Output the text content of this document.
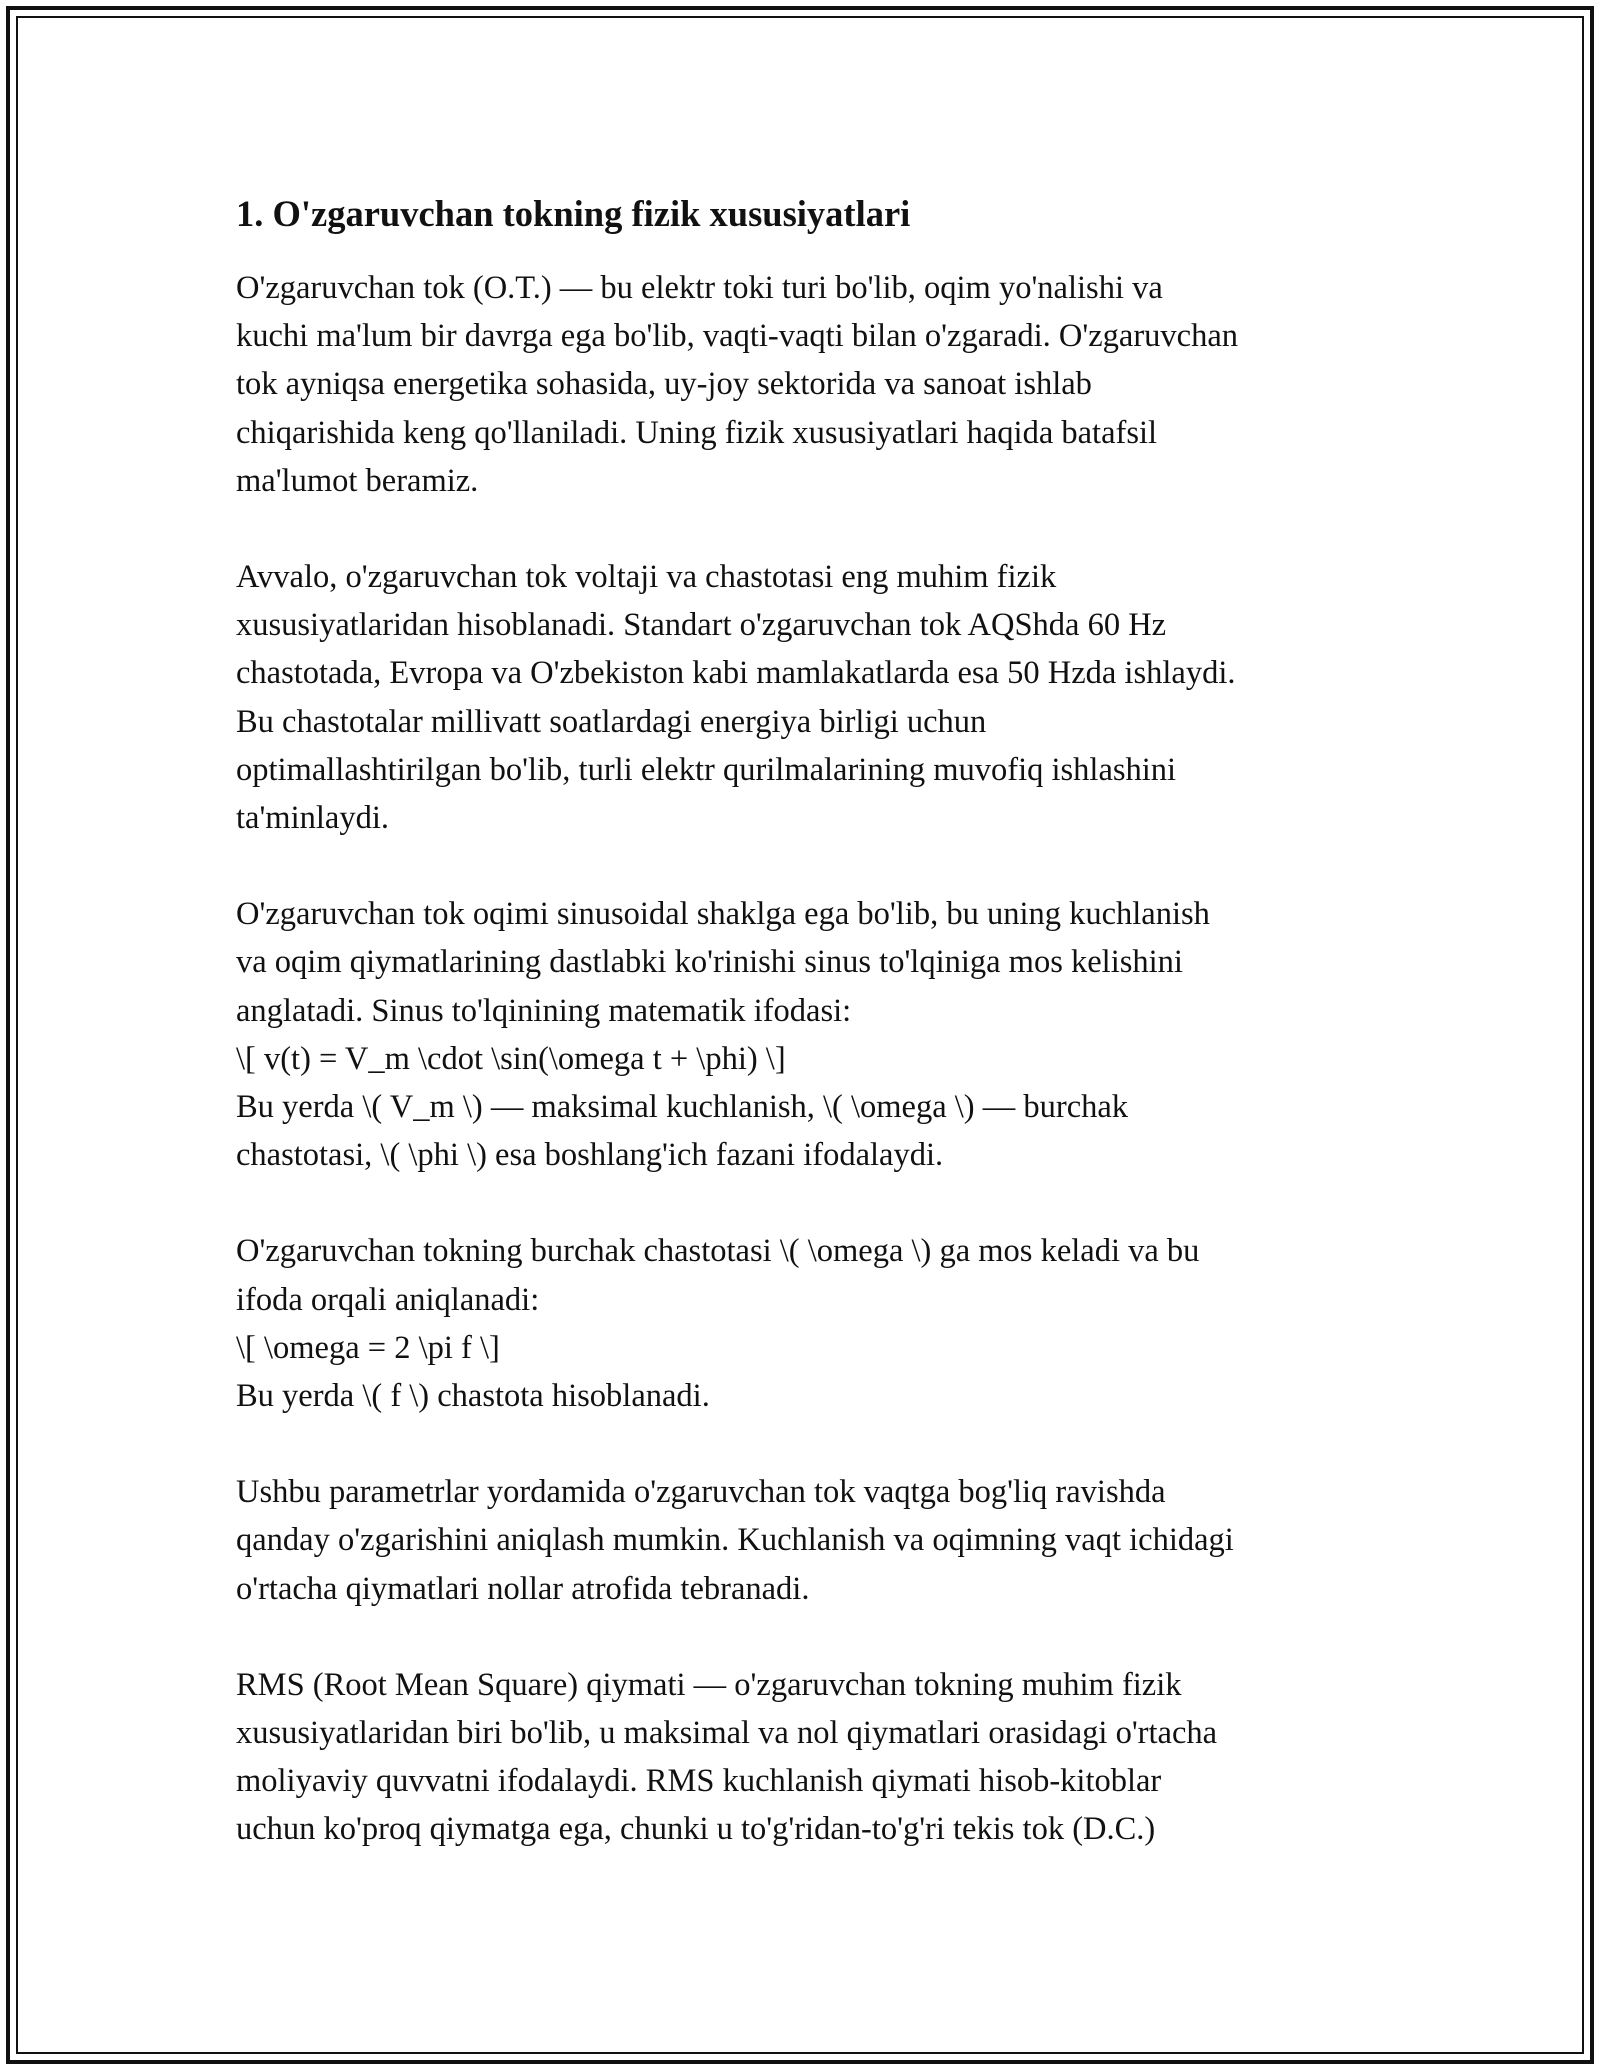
1. O'zgaruvchan tokning fizik xususiyatlari

O'zgaruvchan tok (O.T.) — bu elektr toki turi bo'lib, oqim yo'nalishi va
kuchi ma'lum bir davrga ega bo'lib, vaqti-vaqti bilan o'zgaradi. O'zgaruvchan
tok ayniqsa energetika sohasida, uy-joy sektorida va sanoat ishlab
chiqarishida keng qo'llaniladi. Uning fizik xususiyatlari haqida batafsil
ma'lumot beramiz.

Avvalo, o'zgaruvchan tok voltaji va chastotasi eng muhim fizik
xususiyatlaridan hisoblanadi. Standart o'zgaruvchan tok AQShda 60 Hz
chastotada, Evropa va O'zbekiston kabi mamlakatlarda esa 50 Hzda ishlaydi.
Bu chastotalar millivatt soatlardagi energiya birligi uchun
optimallashtirilgan bo'lib, turli elektr qurilmalarining muvofiq ishlashini
ta'minlaydi.

O'zgaruvchan tok oqimi sinusoidal shaklga ega bo'lib, bu uning kuchlanish
va oqim qiymatlarining dastlabki ko'rinishi sinus to'lqiniga mos kelishini
anglatadi. Sinus to'lqinining matematik ifodasi:
\[ v(t) = V_m \cdot \sin(\omega t + \phi) \]
Bu yerda \( V_m \) — maksimal kuchlanish, \( \omega \) — burchak
chastotasi, \( \phi \) esa boshlang'ich fazani ifodalaydi.

O'zgaruvchan tokning burchak chastotasi \( \omega \) ga mos keladi va bu
ifoda orqali aniqlanadi:
\[ \omega = 2 \pi f \]
Bu yerda \( f \) chastota hisoblanadi.

Ushbu parametrlar yordamida o'zgaruvchan tok vaqtga bog'liq ravishda
qanday o'zgarishini aniqlash mumkin. Kuchlanish va oqimning vaqt ichidagi
o'rtacha qiymatlari nollar atrofida tebranadi.

RMS (Root Mean Square) qiymati — o'zgaruvchan tokning muhim fizik
xususiyatlaridan biri bo'lib, u maksimal va nol qiymatlari orasidagi o'rtacha
moliyaviy quvvatni ifodalaydi. RMS kuchlanish qiymati hisob-kitoblar
uchun ko'proq qiymatga ega, chunki u to'g'ridan-to'g'ri tekis tok (D.C.)
